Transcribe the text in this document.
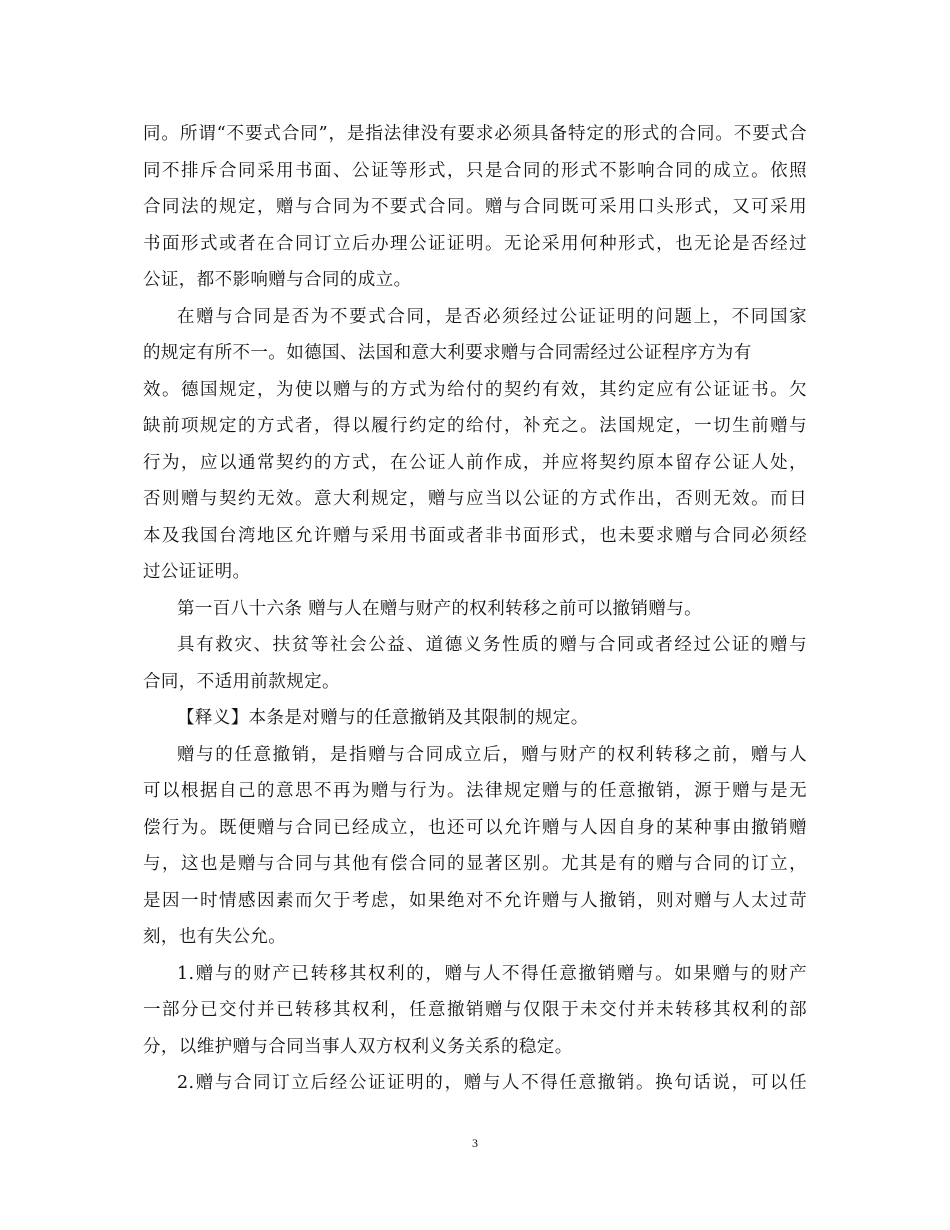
同。所谓“不要式合同”，是指法律没有要求必须具备特定的形式的合同。不要式合
同不排斥合同采用书面、公证等形式，只是合同的形式不影响合同的成立。依照
合同法的规定，赠与合同为不要式合同。赠与合同既可采用口头形式，又可采用
书面形式或者在合同订立后办理公证证明。无论采用何种形式，也无论是否经过
公证，都不影响赠与合同的成立。
在赠与合同是否为不要式合同，是否必须经过公证证明的问题上，不同国家
的规定有所不一。如德国、法国和意大利要求赠与合同需经过公证程序方为有
效。德国规定，为使以赠与的方式为给付的契约有效，其约定应有公证证书。欠
缺前项规定的方式者，得以履行约定的给付，补充之。法国规定，一切生前赠与
行为，应以通常契约的方式，在公证人前作成，并应将契约原本留存公证人处，
否则赠与契约无效。意大利规定，赠与应当以公证的方式作出，否则无效。而日
本及我国台湾地区允许赠与采用书面或者非书面形式，也未要求赠与合同必须经
过公证证明。
第一百八十六条 赠与人在赠与财产的权利转移之前可以撤销赠与。
具有救灾、扶贫等社会公益、道德义务性质的赠与合同或者经过公证的赠与
合同，不适用前款规定。
【释义】本条是对赠与的任意撤销及其限制的规定。
赠与的任意撤销，是指赠与合同成立后，赠与财产的权利转移之前，赠与人
可以根据自己的意思不再为赠与行为。法律规定赠与的任意撤销，源于赠与是无
偿行为。既便赠与合同已经成立，也还可以允许赠与人因自身的某种事由撤销赠
与，这也是赠与合同与其他有偿合同的显著区别。尤其是有的赠与合同的订立，
是因一时情感因素而欠于考虑，如果绝对不允许赠与人撤销，则对赠与人太过苛
刻，也有失公允。
1.赠与的财产已转移其权利的，赠与人不得任意撤销赠与。如果赠与的财产
一部分已交付并已转移其权利，任意撤销赠与仅限于未交付并未转移其权利的部
分，以维护赠与合同当事人双方权利义务关系的稳定。
2.赠与合同订立后经公证证明的，赠与人不得任意撤销。换句话说，可以任
3
